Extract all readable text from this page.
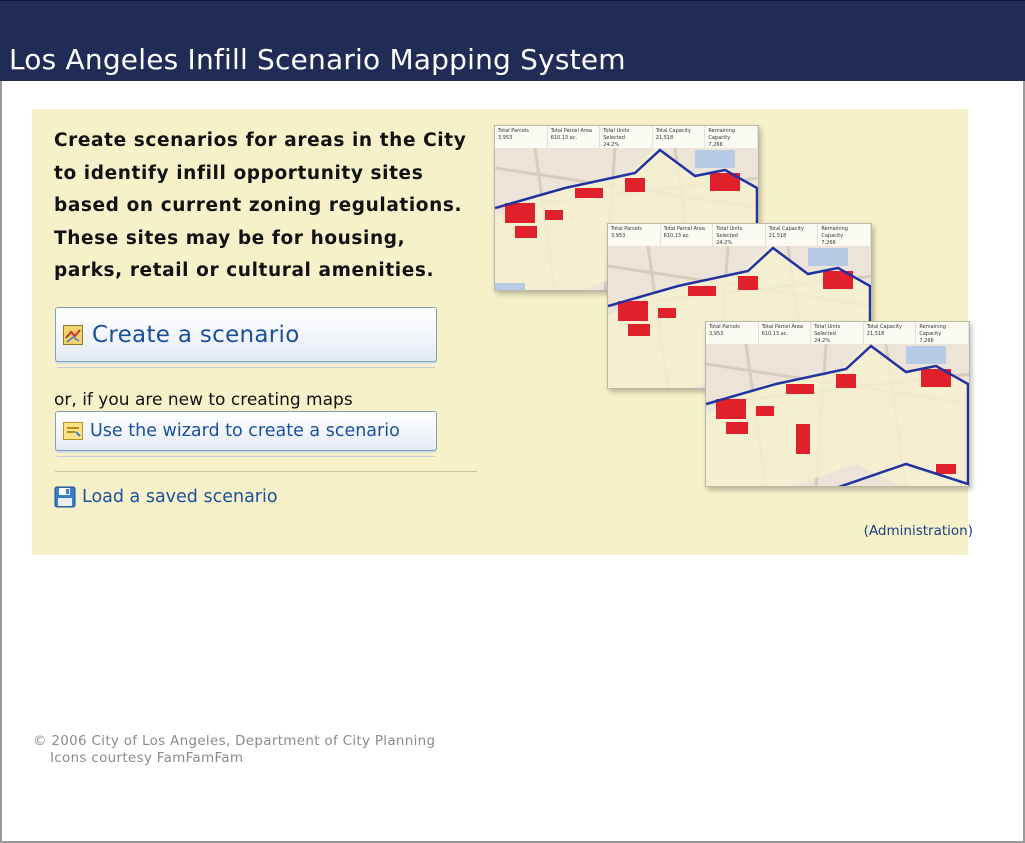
Los Angeles Infill Scenario Mapping System

Create scenarios for areas in the City
to identify infill opportunity sites
based on current zoning regulations.
These sites may be for housing,
parks, retail or cultural amenities.

Create a scenario

or, if you are new to creating maps

Use the wizard to create a scenario
Load a saved scenario
Total Parcels
3,953
Total Parcel Area
610.13 ac.
Total Units Selected
24.2%
Total Capacity
21,518
Remaining Capacity
7,266
Total Parcels
3,953
Total Parcel Area
610.13 ac.
Total Units Selected
24.2%
Total Capacity
21,518
Remaining Capacity
7,266
Total Parcels
3,953
Total Parcel Area
610.13 ac.
Total Units Selected
24.2%
Total Capacity
21,518
Remaining Capacity
7,266
(Administration)

© 2006 City of Los Angeles, Department of City Planning
Icons courtesy FamFamFam
